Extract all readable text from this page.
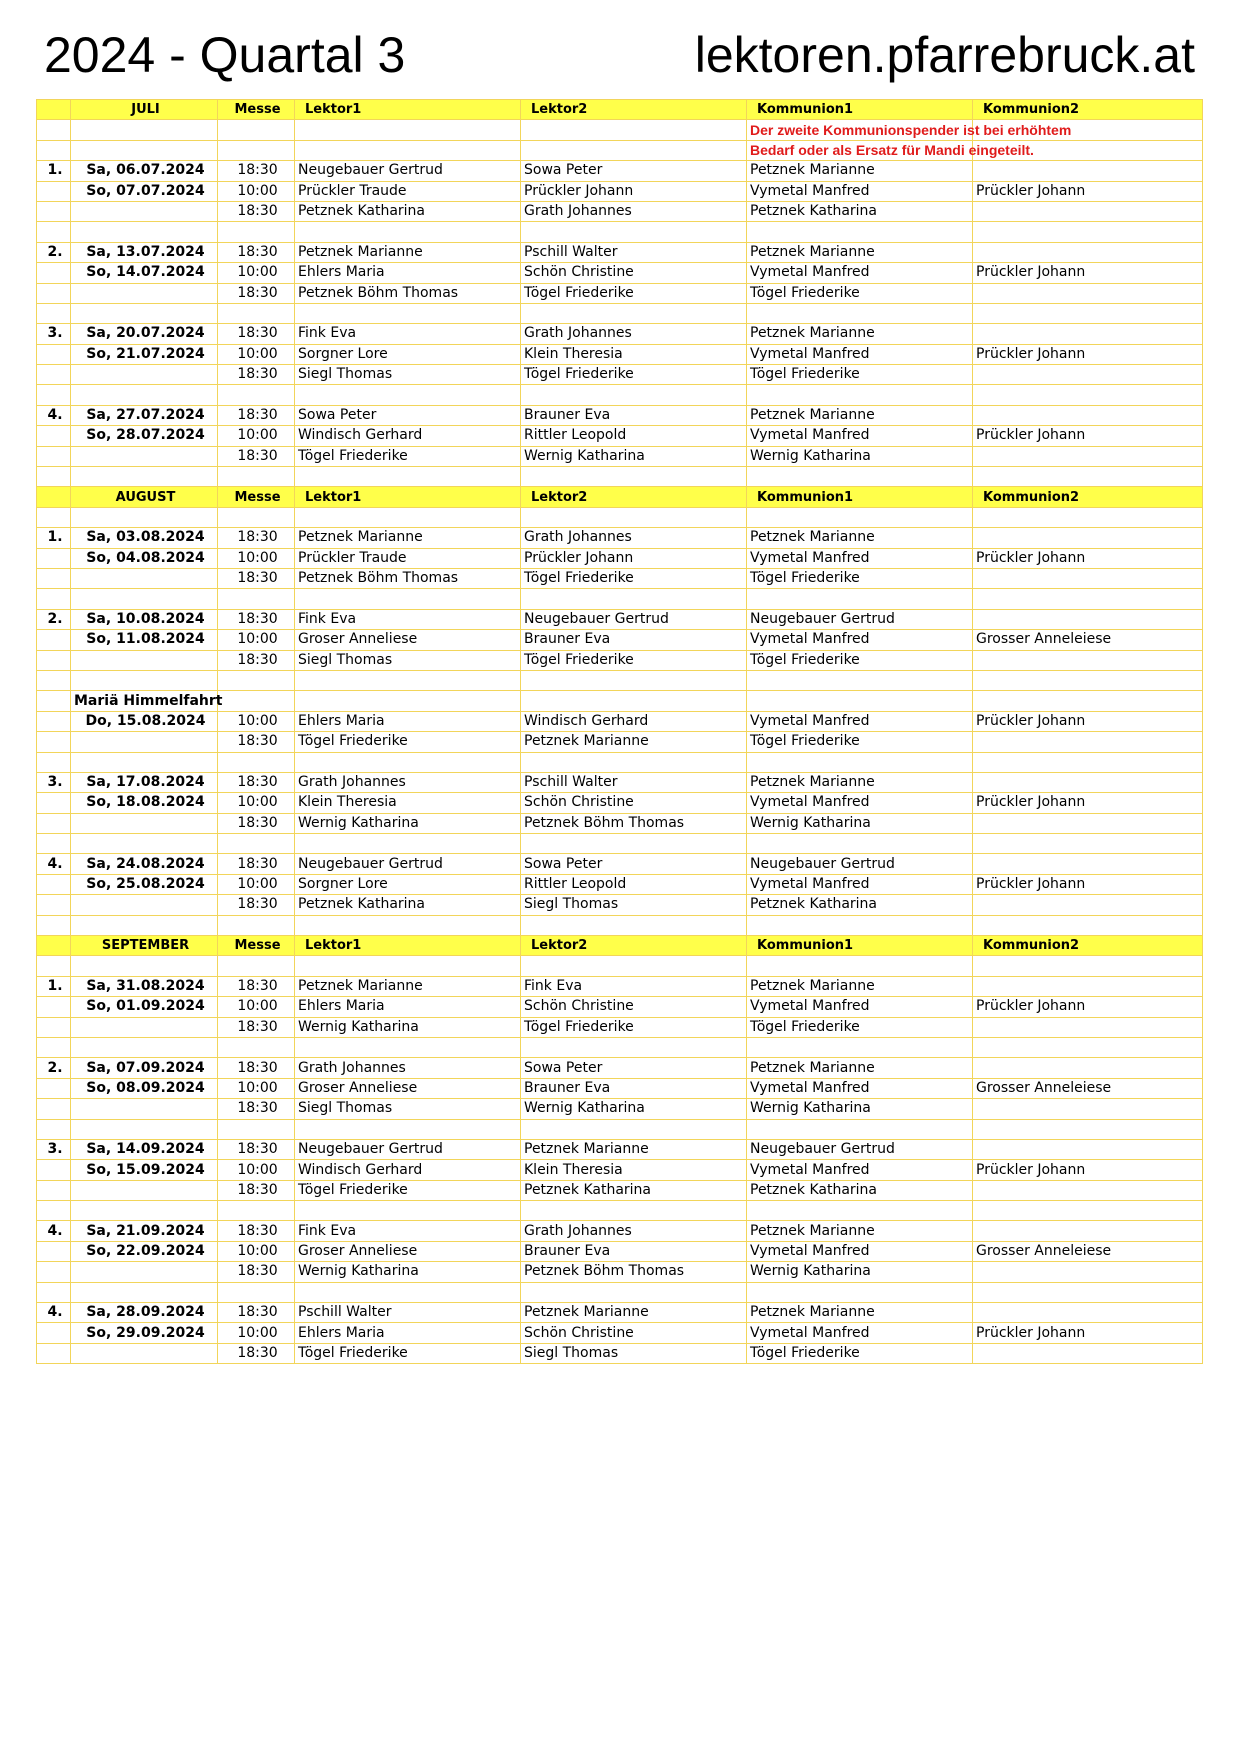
2024 - Quartal 3	lektoren.pfarrebruck.at
	JULI	Messe	Lektor1	Lektor2	Kommunion1	Kommunion2
					Der zweite Kommunionspender ist bei erhöhtem	
					Bedarf oder als Ersatz für Mandi eingeteilt.	
1.	Sa, 06.07.2024	18:30	Neugebauer Gertrud	Sowa Peter	Petznek Marianne	
	So, 07.07.2024	10:00	Prückler Traude	Prückler Johann	Vymetal Manfred	Prückler Johann
		18:30	Petznek Katharina	Grath Johannes	Petznek Katharina	

2.	Sa, 13.07.2024	18:30	Petznek Marianne	Pschill Walter	Petznek Marianne	
	So, 14.07.2024	10:00	Ehlers Maria	Schön Christine	Vymetal Manfred	Prückler Johann
		18:30	Petznek Böhm Thomas	Tögel Friederike	Tögel Friederike	

3.	Sa, 20.07.2024	18:30	Fink Eva	Grath Johannes	Petznek Marianne	
	So, 21.07.2024	10:00	Sorgner Lore	Klein Theresia	Vymetal Manfred	Prückler Johann
		18:30	Siegl Thomas	Tögel Friederike	Tögel Friederike	

4.	Sa, 27.07.2024	18:30	Sowa Peter	Brauner Eva	Petznek Marianne	
	So, 28.07.2024	10:00	Windisch Gerhard	Rittler Leopold	Vymetal Manfred	Prückler Johann
		18:30	Tögel Friederike	Wernig Katharina	Wernig Katharina	

	AUGUST	Messe	Lektor1	Lektor2	Kommunion1	Kommunion2

1.	Sa, 03.08.2024	18:30	Petznek Marianne	Grath Johannes	Petznek Marianne	
	So, 04.08.2024	10:00	Prückler Traude	Prückler Johann	Vymetal Manfred	Prückler Johann
		18:30	Petznek Böhm Thomas	Tögel Friederike	Tögel Friederike	

2.	Sa, 10.08.2024	18:30	Fink Eva	Neugebauer Gertrud	Neugebauer Gertrud	
	So, 11.08.2024	10:00	Groser Anneliese	Brauner Eva	Vymetal Manfred	Grosser Anneleiese
		18:30	Siegl Thomas	Tögel Friederike	Tögel Friederike	

	Mariä Himmelfahrt					
	Do, 15.08.2024	10:00	Ehlers Maria	Windisch Gerhard	Vymetal Manfred	Prückler Johann
		18:30	Tögel Friederike	Petznek Marianne	Tögel Friederike	

3.	Sa, 17.08.2024	18:30	Grath Johannes	Pschill Walter	Petznek Marianne	
	So, 18.08.2024	10:00	Klein Theresia	Schön Christine	Vymetal Manfred	Prückler Johann
		18:30	Wernig Katharina	Petznek Böhm Thomas	Wernig Katharina	

4.	Sa, 24.08.2024	18:30	Neugebauer Gertrud	Sowa Peter	Neugebauer Gertrud	
	So, 25.08.2024	10:00	Sorgner Lore	Rittler Leopold	Vymetal Manfred	Prückler Johann
		18:30	Petznek Katharina	Siegl Thomas	Petznek Katharina	

	SEPTEMBER	Messe	Lektor1	Lektor2	Kommunion1	Kommunion2

1.	Sa, 31.08.2024	18:30	Petznek Marianne	Fink Eva	Petznek Marianne	
	So, 01.09.2024	10:00	Ehlers Maria	Schön Christine	Vymetal Manfred	Prückler Johann
		18:30	Wernig Katharina	Tögel Friederike	Tögel Friederike	

2.	Sa, 07.09.2024	18:30	Grath Johannes	Sowa Peter	Petznek Marianne	
	So, 08.09.2024	10:00	Groser Anneliese	Brauner Eva	Vymetal Manfred	Grosser Anneleiese
		18:30	Siegl Thomas	Wernig Katharina	Wernig Katharina	

3.	Sa, 14.09.2024	18:30	Neugebauer Gertrud	Petznek Marianne	Neugebauer Gertrud	
	So, 15.09.2024	10:00	Windisch Gerhard	Klein Theresia	Vymetal Manfred	Prückler Johann
		18:30	Tögel Friederike	Petznek Katharina	Petznek Katharina	

4.	Sa, 21.09.2024	18:30	Fink Eva	Grath Johannes	Petznek Marianne	
	So, 22.09.2024	10:00	Groser Anneliese	Brauner Eva	Vymetal Manfred	Grosser Anneleiese
		18:30	Wernig Katharina	Petznek Böhm Thomas	Wernig Katharina	

4.	Sa, 28.09.2024	18:30	Pschill Walter	Petznek Marianne	Petznek Marianne	
	So, 29.09.2024	10:00	Ehlers Maria	Schön Christine	Vymetal Manfred	Prückler Johann
		18:30	Tögel Friederike	Siegl Thomas	Tögel Friederike	
